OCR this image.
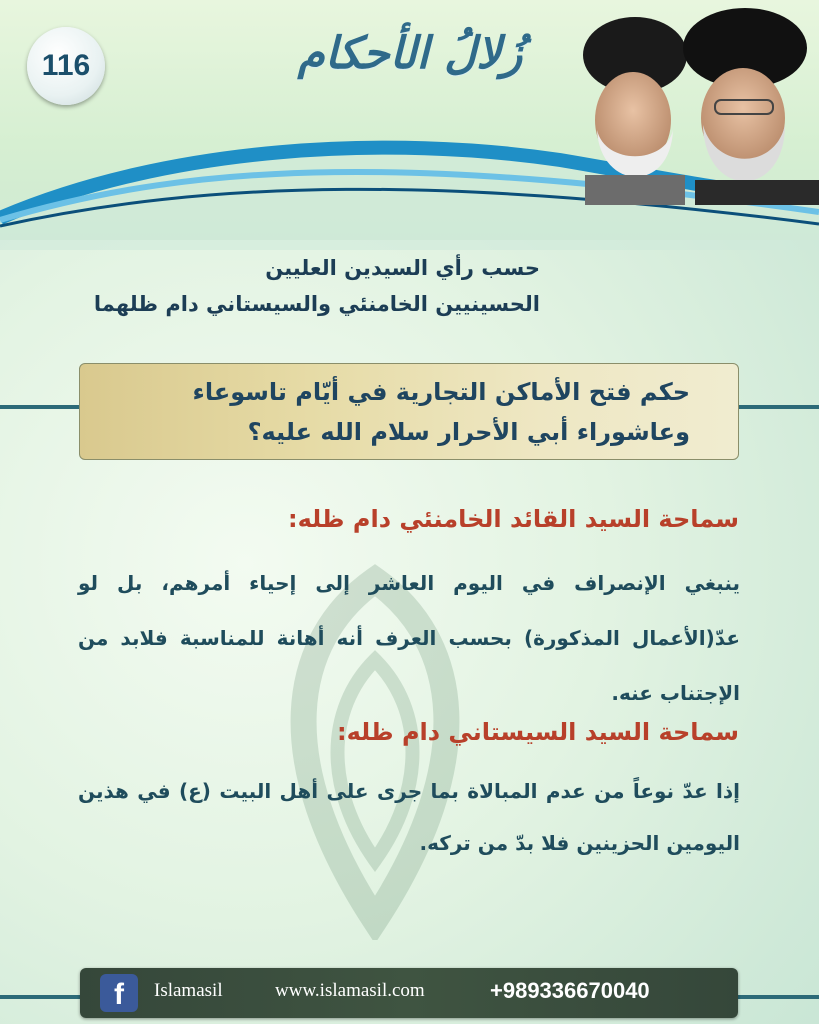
116	زُلالُ الأحكام
حسب رأي السيدين العليين
الحسينيين الخامنئي والسيستاني دام ظلهما
حكم فتح الأماكن التجارية في أيّام تاسوعاء
وعاشوراء أبي الأحرار سلام الله عليه؟
سماحة السيد القائد الخامنئي دام ظله:
ينبغي الإنصراف في اليوم العاشر إلى إحياء أمرهم، بل لو عدّ(الأعمال المذكورة) بحسب العرف أنه أهانة للمناسبة فلابد من الإجتناب عنه.
سماحة السيد السيستاني دام ظله:
إذا عدّ نوعاً من عدم المبالاة بما جرى على أهل البيت (ع) في هذين اليومين الحزينين فلا بدّ من تركه.
f	Islamasil	www.islamasil.com	+989336670040
